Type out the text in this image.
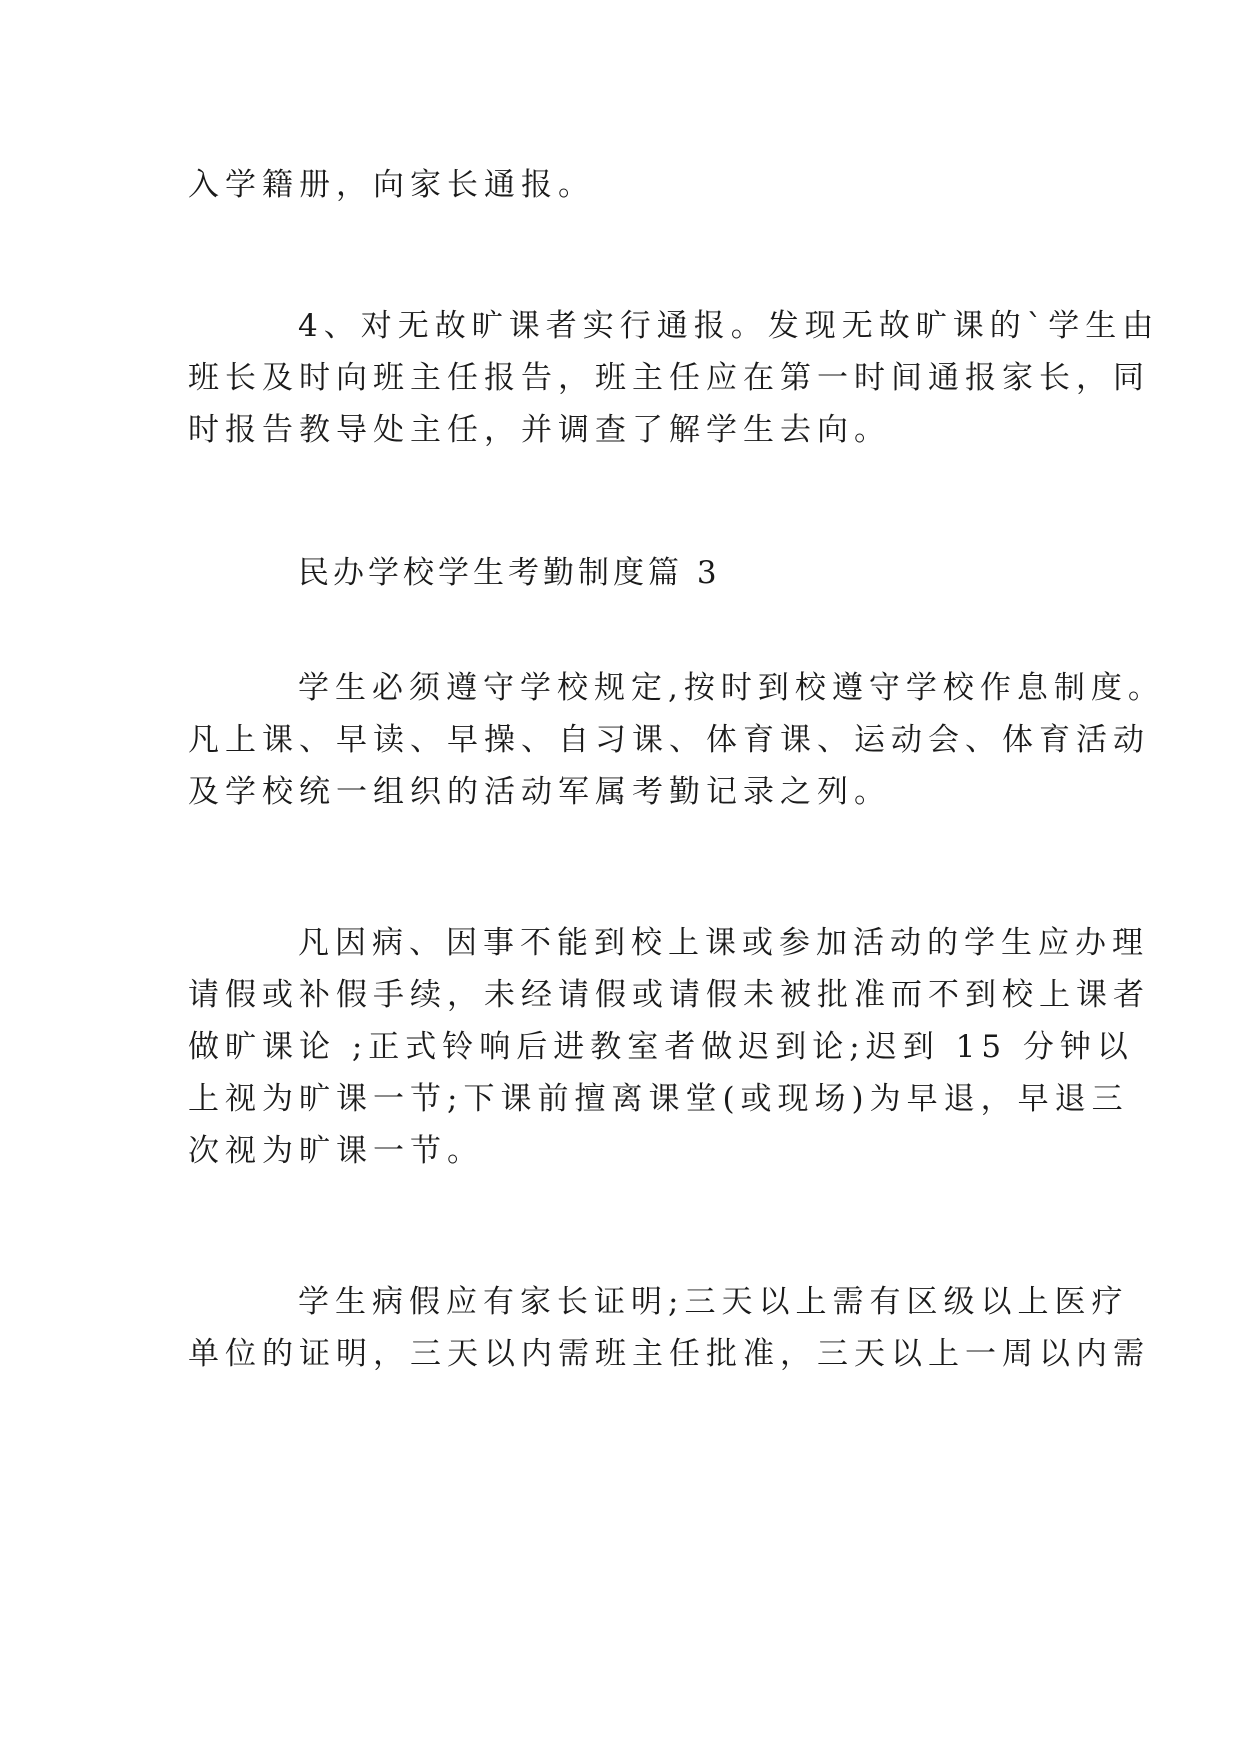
入学籍册，向家长通报。
4、对无故旷课者实行通报。发现无故旷课的`学生由
班长及时向班主任报告，班主任应在第一时间通报家长，同
时报告教导处主任，并调查了解学生去向。
民办学校学生考勤制度篇 3
学生必须遵守学校规定,按时到校遵守学校作息制度。
凡上课、早读、早操、自习课、体育课、运动会、体育活动
及学校统一组织的活动军属考勤记录之列。
凡因病、因事不能到校上课或参加活动的学生应办理
请假或补假手续，未经请假或请假未被批准而不到校上课者
做旷课论 ;正式铃响后进教室者做迟到论;迟到 15 分钟以
上视为旷课一节;下课前擅离课堂(或现场)为早退，早退三
次视为旷课一节。
学生病假应有家长证明;三天以上需有区级以上医疗
单位的证明，三天以内需班主任批准，三天以上一周以内需
